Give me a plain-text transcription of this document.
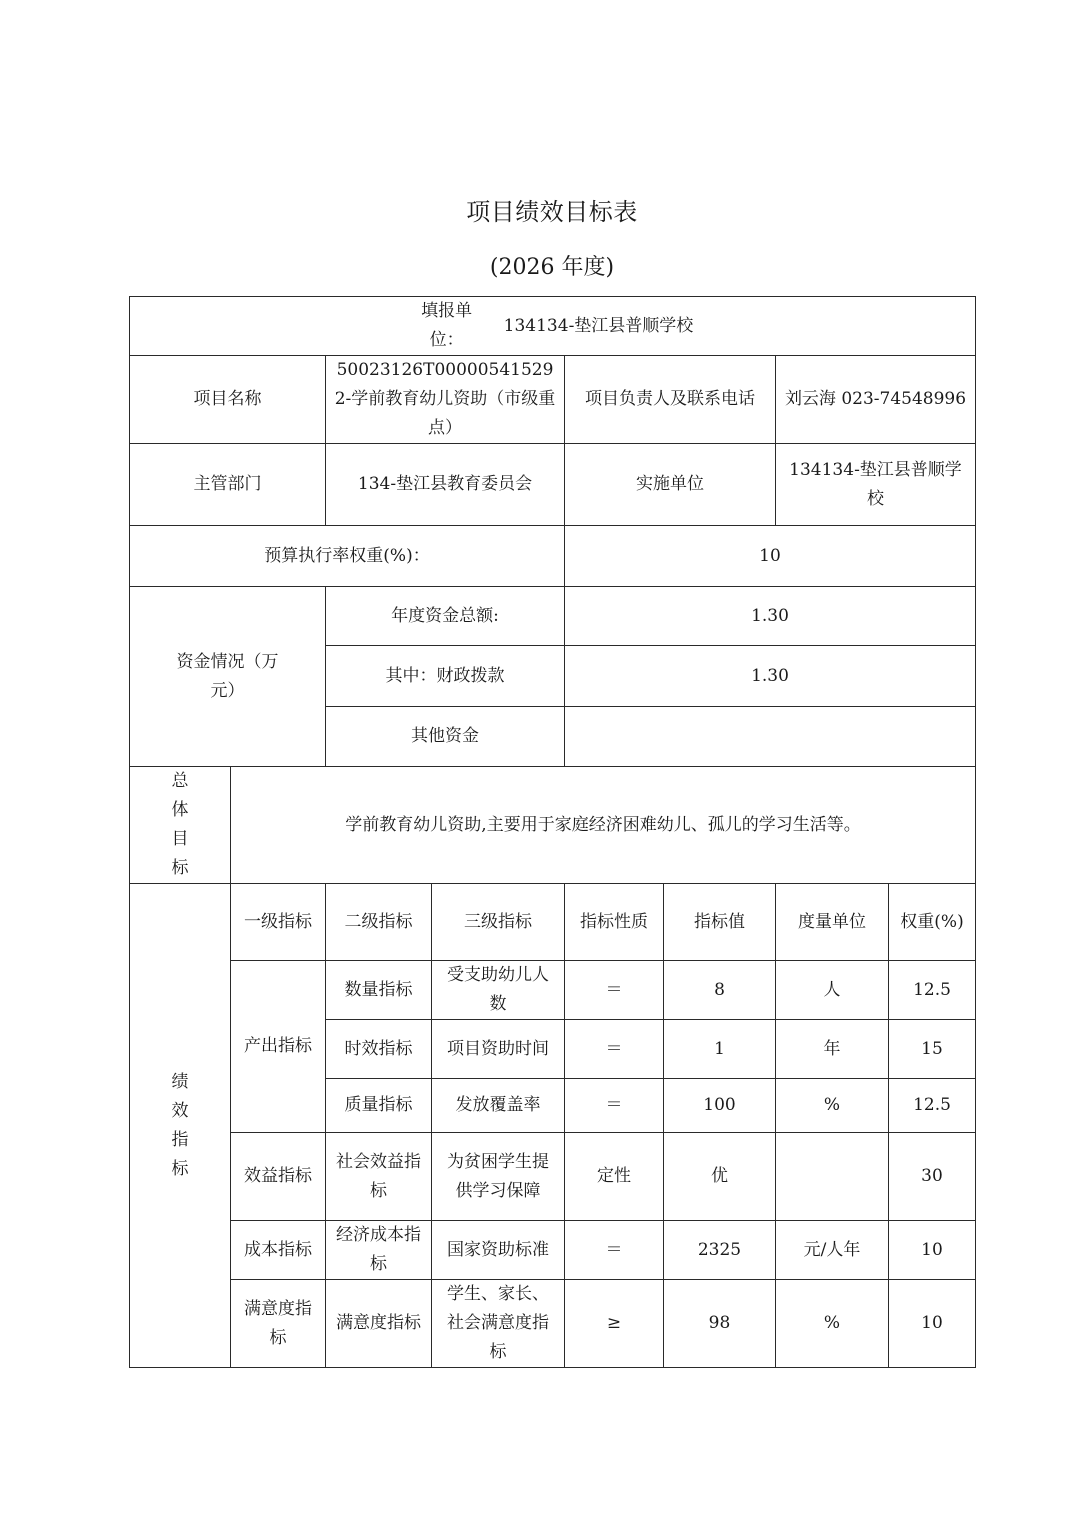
项目绩效目标表
(2026 年度)
填报单位：134134-垫江县普顺学校							
项目名称		50023126T000005415292-学前教育幼儿资助（市级重点）		项目负责人及联系电话		刘云海 023-74548996	
主管部门		134-垫江县教育委员会		实施单位		134134-垫江县普顺学校	
预算执行率权重(%)：				10			
资金情况（万元）		年度资金总额:		1.30			
		其中：财政拨款		1.30			
		其他资金					
总体目标	学前教育幼儿资助,主要用于家庭经济困难幼儿、孤儿的学习生活等。						
绩效指标	一级指标	二级指标	三级指标	指标性质	指标值	度量单位	权重(%)
	产出指标	数量指标	受支助幼儿人数	＝	8	人	12.5
		时效指标	项目资助时间	＝	1	年	15
		质量指标	发放覆盖率	＝	100	%	12.5
	效益指标	社会效益指标	为贫困学生提供学习保障	定性	优		30
	成本指标	经济成本指标	国家资助标准	＝	2325	元/人年	10
	满意度指标	满意度指标	学生、家长、社会满意度指标	≥	98	%	10
